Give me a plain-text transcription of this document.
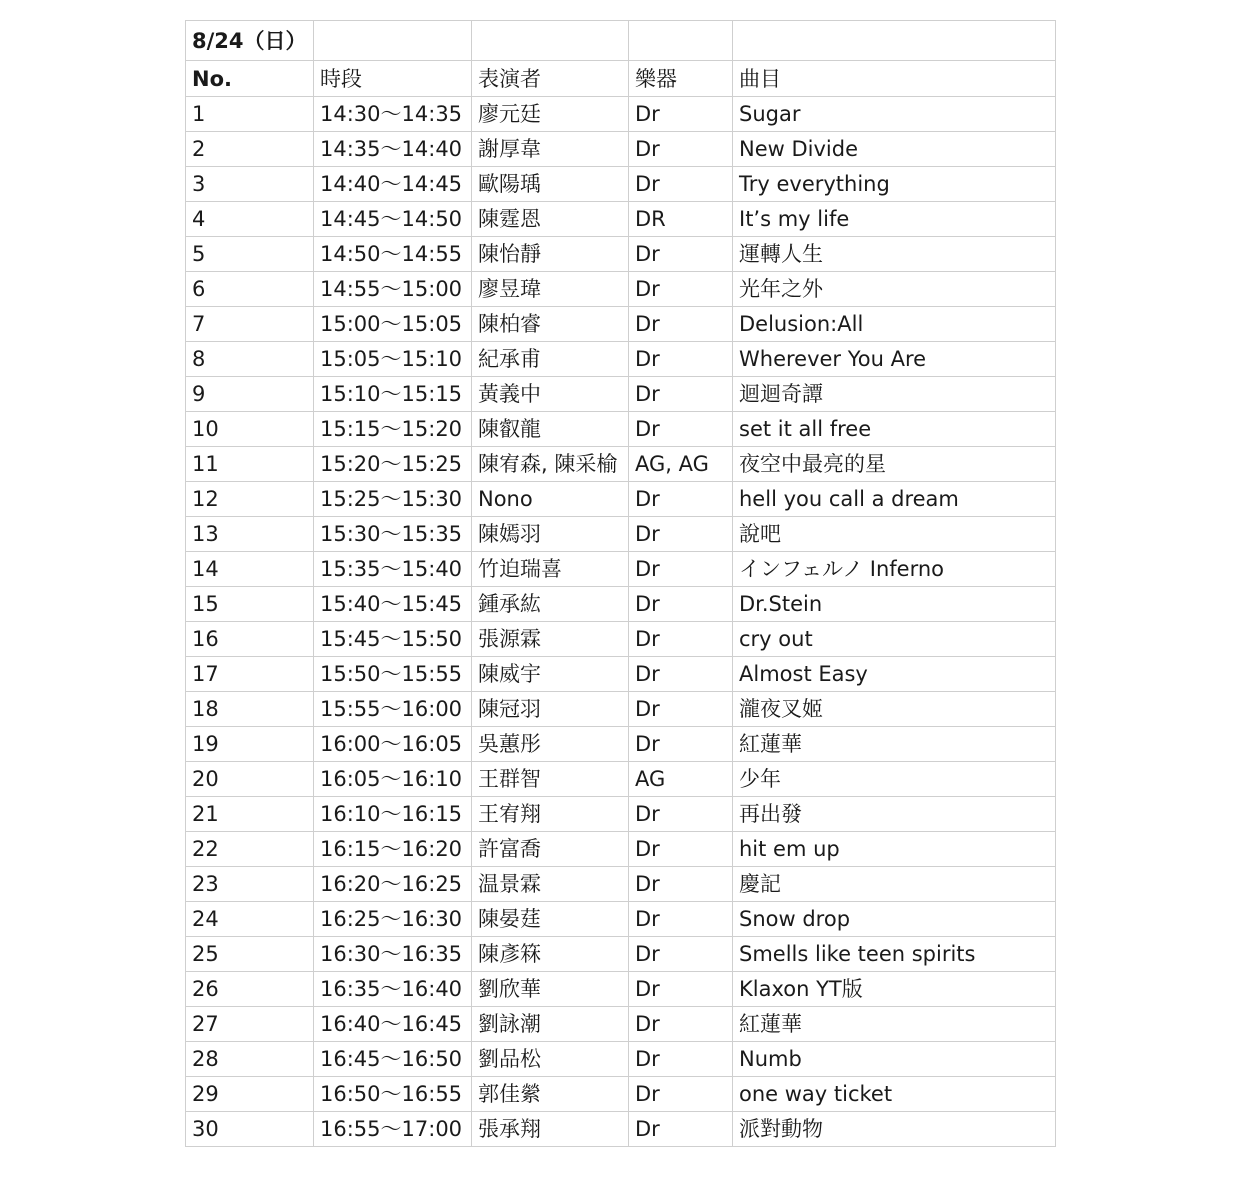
8/24（日）				
No.	時段	表演者	樂器	曲目
1	14:30～14:35	廖元廷	Dr	Sugar
2	14:35～14:40	謝厚韋	Dr	New Divide
3	14:40～14:45	歐陽瑀	Dr	Try everything
4	14:45～14:50	陳霆恩	DR	It’s my life
5	14:50～14:55	陳怡靜	Dr	運轉人生
6	14:55～15:00	廖昱瑋	Dr	光年之外
7	15:00～15:05	陳柏睿	Dr	Delusion:All
8	15:05～15:10	紀承甫	Dr	Wherever You Are
9	15:10～15:15	黃義中	Dr	迴迴奇譚
10	15:15～15:20	陳叡龍	Dr	set it all free
11	15:20～15:25	陳宥森, 陳采榆	AG, AG	夜空中最亮的星
12	15:25～15:30	Nono	Dr	hell you call a dream
13	15:30～15:35	陳嫣羽	Dr	說吧
14	15:35～15:40	竹迫瑞喜	Dr	インフェルノ Inferno
15	15:40～15:45	鍾承紘	Dr	Dr.Stein
16	15:45～15:50	張源霖	Dr	cry out
17	15:50～15:55	陳威宇	Dr	Almost Easy
18	15:55～16:00	陳冠羽	Dr	瀧夜叉姬
19	16:00～16:05	吳蕙彤	Dr	紅蓮華
20	16:05～16:10	王群智	AG	少年
21	16:10～16:15	王宥翔	Dr	再出發
22	16:15～16:20	許富喬	Dr	hit em up
23	16:20～16:25	温景霖	Dr	慶記
24	16:25～16:30	陳晏莛	Dr	Snow drop
25	16:30～16:35	陳彥箖	Dr	Smells like teen spirits
26	16:35～16:40	劉欣華	Dr	Klaxon YT版
27	16:40～16:45	劉詠潮	Dr	紅蓮華
28	16:45～16:50	劉品松	Dr	Numb
29	16:50～16:55	郭佳縈	Dr	one way ticket
30	16:55～17:00	張承翔	Dr	派對動物
